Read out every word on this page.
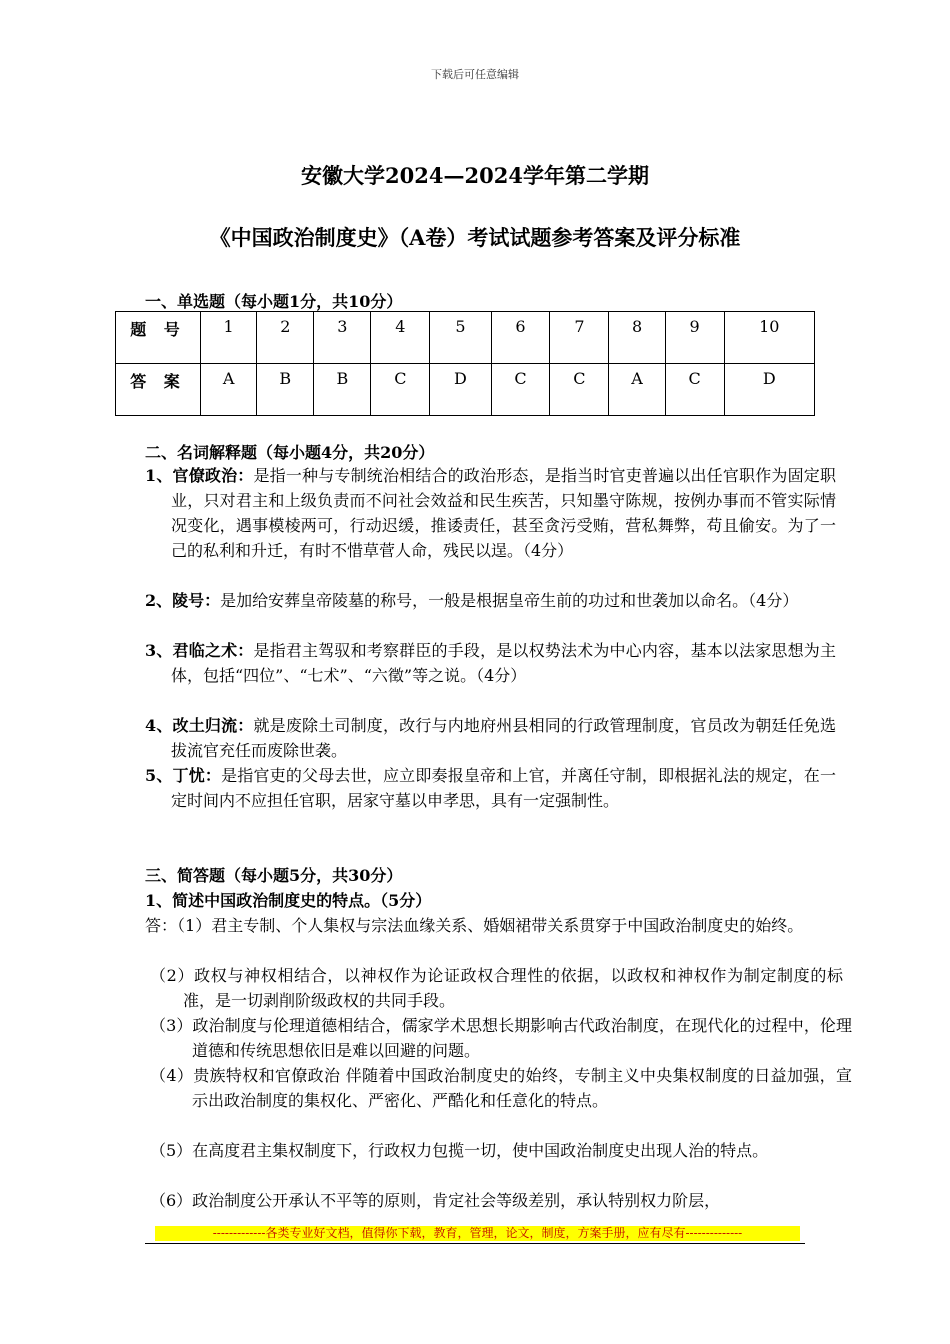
下载后可任意编辑
安徽大学2024—2024学年第二学期
《中国政治制度史》（A卷）考试试题参考答案及评分标准
一、单选题（每小题1分，共10分）
题 号	1	2	3	4	5	6	7	8	9	10
答 案	A	B	B	C	D	C	C	A	C	D
二、名词解释题（每小题4分，共20分）
1、官僚政治：是指一种与专制统治相结合的政治形态，是指当时官吏普遍以出任官职作为固定职业，只对君主和上级负责而不问社会效益和民生疾苦，只知墨守陈规，按例办事而不管实际情况变化，遇事模棱两可，行动迟缓，推诿责任，甚至贪污受贿，营私舞弊，苟且偷安。为了一己的私利和升迁，有时不惜草菅人命，残民以逞。（4分）
2、陵号：是加给安葬皇帝陵墓的称号，一般是根据皇帝生前的功过和世袭加以命名。（4分）
3、君临之术：是指君主驾驭和考察群臣的手段，是以权势法术为中心内容，基本以法家思想为主体，包括“四位”、“七术”、“六徵”等之说。（4分）
4、改土归流：就是废除土司制度，改行与内地府州县相同的行政管理制度，官员改为朝廷任免选拔流官充任而废除世袭。
5、丁忧：是指官吏的父母去世，应立即奏报皇帝和上官，并离任守制，即根据礼法的规定，在一定时间内不应担任官职，居家守墓以申孝思，具有一定强制性。
三、简答题（每小题5分，共30分）
1、简述中国政治制度史的特点。（5分）
答：（1）君主专制、个人集权与宗法血缘关系、婚姻裙带关系贯穿于中国政治制度史的始终。
（2）政权与神权相结合，以神权作为论证政权合理性的依据，以政权和神权作为制定制度的标准，是一切剥削阶级政权的共同手段。
（3）政治制度与伦理道德相结合，儒家学术思想长期影响古代政治制度，在现代化的过程中，伦理道德和传统思想依旧是难以回避的问题。
（4）贵族特权和官僚政治 伴随着中国政治制度史的始终，专制主义中央集权制度的日益加强，宣示出政治制度的集权化、严密化、严酷化和任意化的特点。
（5）在高度君主集权制度下，行政权力包揽一切，使中国政治制度史出现人治的特点。
（6）政治制度公开承认不平等的原则，肯定社会等级差别，承认特别权力阶层，
-------------各类专业好文档，值得你下载，教育，管理，论文，制度，方案手册，应有尽有--------------
